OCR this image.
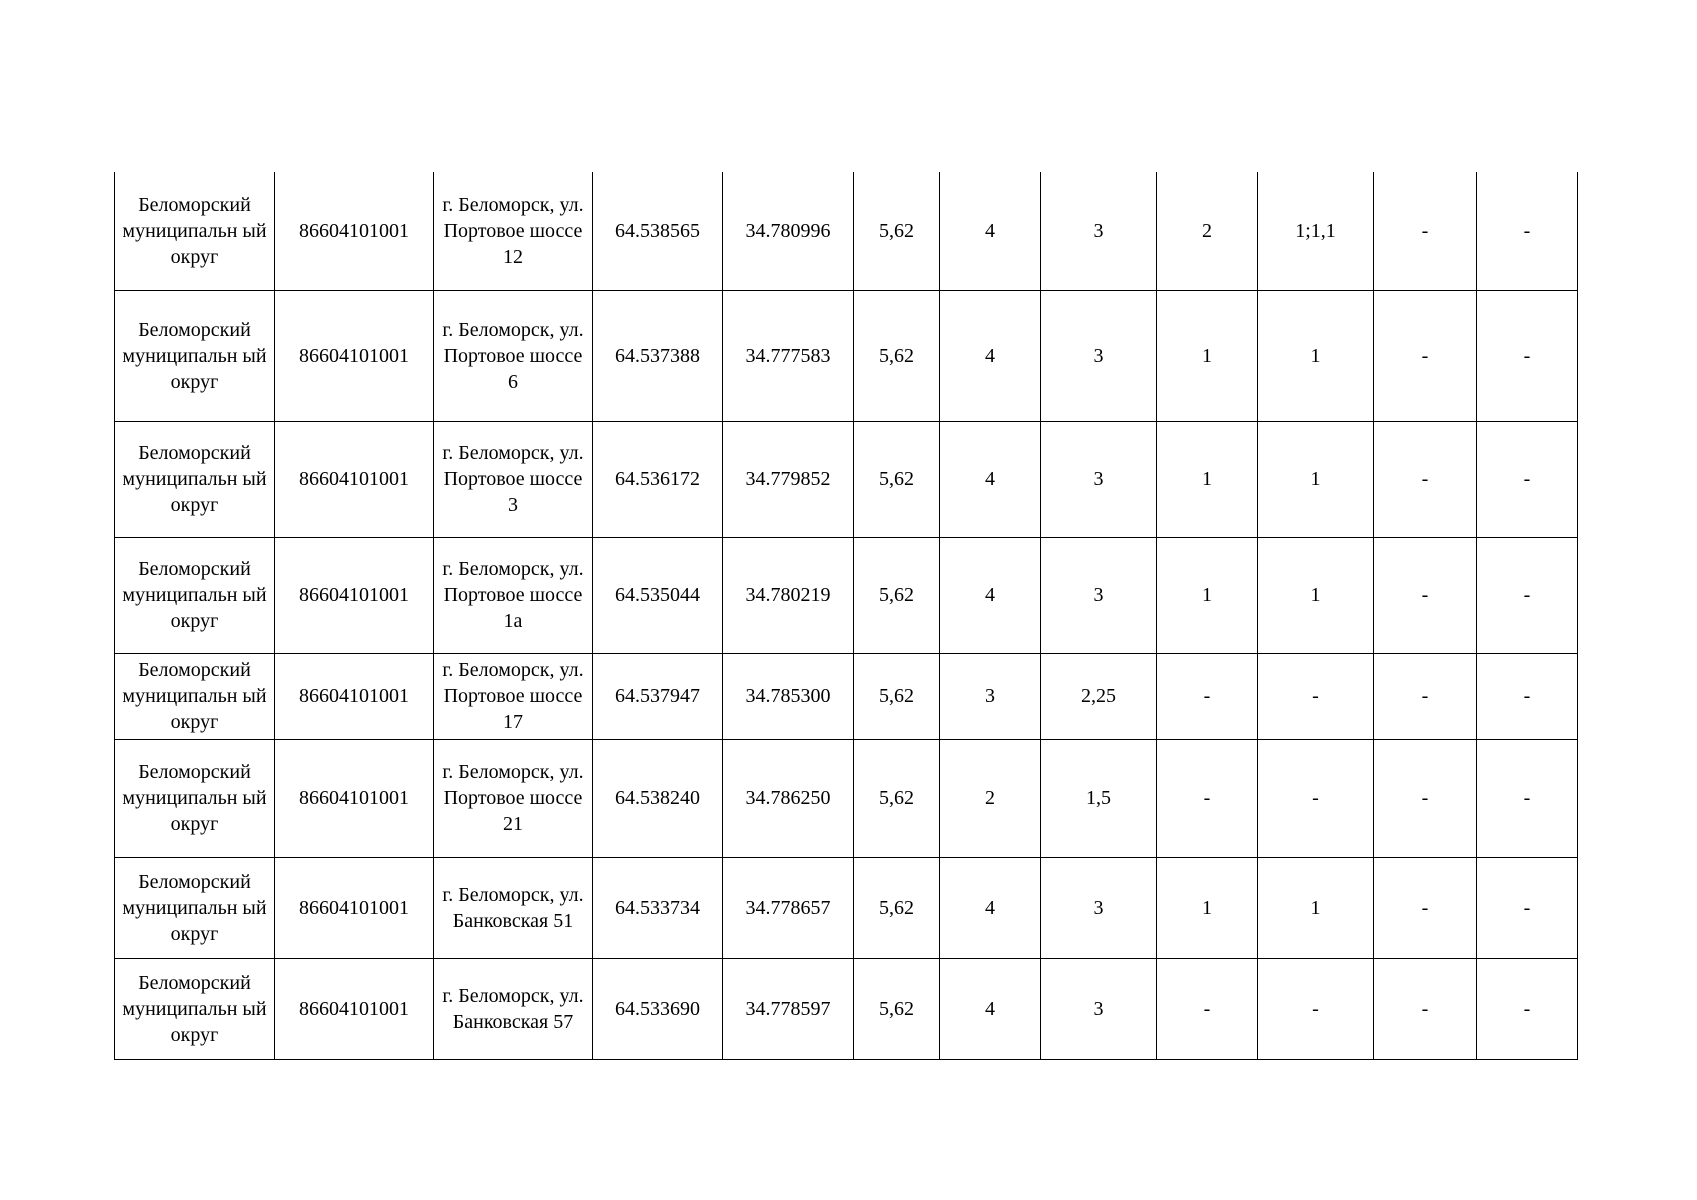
Беломорский муниципальн ый округ	86604101001	г. Беломорск, ул. Портовое шоссе 12	64.538565	34.780996	5,62	4	3	2	1;1,1	-	-
Беломорский муниципальн ый округ	86604101001	г. Беломорск, ул. Портовое шоссе 6	64.537388	34.777583	5,62	4	3	1	1	-	-
Беломорский муниципальн ый округ	86604101001	г. Беломорск, ул. Портовое шоссе 3	64.536172	34.779852	5,62	4	3	1	1	-	-
Беломорский муниципальн ый округ	86604101001	г. Беломорск, ул. Портовое шоссе 1а	64.535044	34.780219	5,62	4	3	1	1	-	-
Беломорский муниципальн ый округ	86604101001	г. Беломорск, ул. Портовое шоссе 17	64.537947	34.785300	5,62	3	2,25	-	-	-	-
Беломорский муниципальн ый округ	86604101001	г. Беломорск, ул. Портовое шоссе 21	64.538240	34.786250	5,62	2	1,5	-	-	-	-
Беломорский муниципальн ый округ	86604101001	г. Беломорск, ул. Банковская 51	64.533734	34.778657	5,62	4	3	1	1	-	-
Беломорский муниципальн ый округ	86604101001	г. Беломорск, ул. Банковская 57	64.533690	34.778597	5,62	4	3	-	-	-	-
